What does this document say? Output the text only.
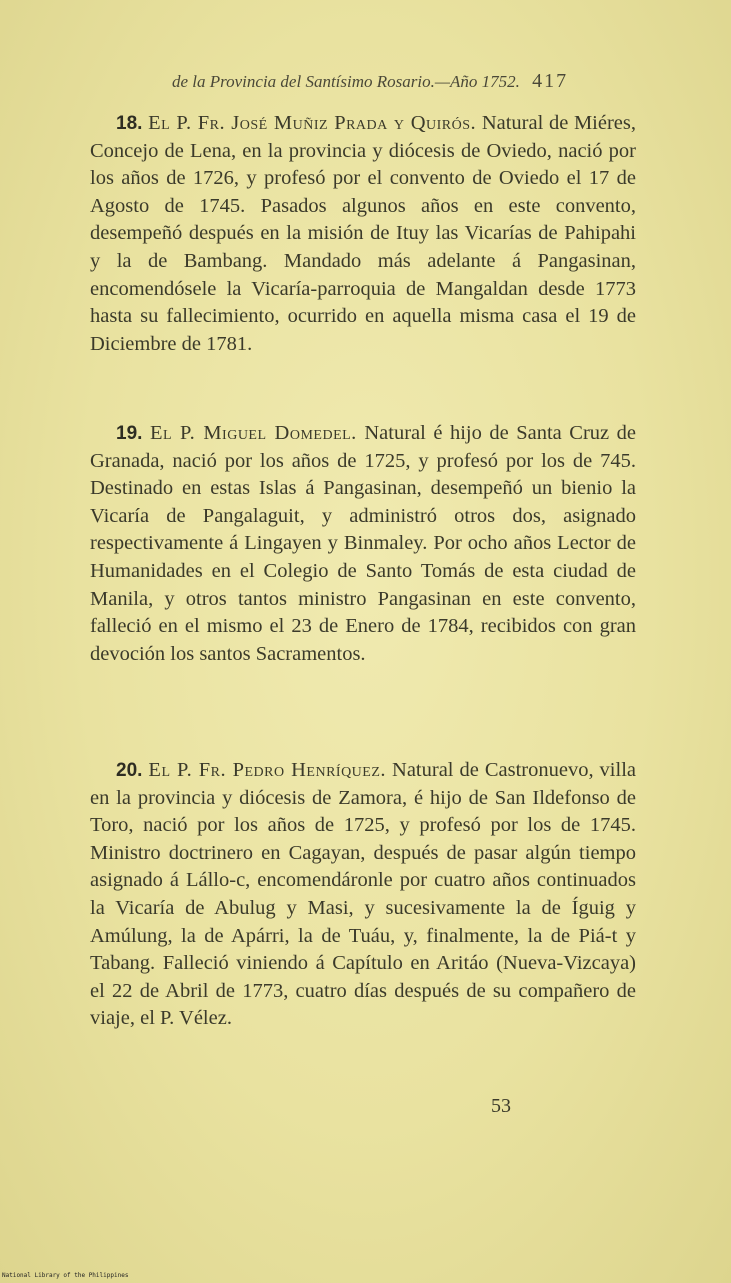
de la Provincia del Santísimo Rosario.—Año 1752. 417

18. El P. Fr. José Muñiz Prada y Quirós. Natural de Miéres, Concejo de Lena, en la provincia y diócesis de Oviedo, nació por los años de 1726, y profesó por el convento de Oviedo el 17 de Agosto de 1745. Pasados algunos años en este convento, desempeñó después en la misión de Ituy las Vicarías de Pahipahi y la de Bambang. Mandado más adelante á Pangasinan, encomendósele la Vicaría-parroquia de Mangaldan desde 1773 hasta su fallecimiento, ocurrido en aquella misma casa el 19 de Diciembre de 1781.

19. El P. Miguel Domedel. Natural é hijo de Santa Cruz de Granada, nació por los años de 1725, y profesó por los de 745. Destinado en estas Islas á Pangasinan, desempeñó un bienio la Vicaría de Pangalaguit, y administró otros dos, asignado respectivamente á Lingayen y Binmaley. Por ocho años Lector de Humanidades en el Colegio de Santo Tomás de esta ciudad de Manila, y otros tantos ministro Pangasinan en este convento, falleció en el mismo el 23 de Enero de 1784, recibidos con gran devoción los santos Sacramentos.

20. El P. Fr. Pedro Henríquez. Natural de Castronuevo, villa en la provincia y diócesis de Zamora, é hijo de San Ildefonso de Toro, nació por los años de 1725, y profesó por los de 1745. Ministro doctrinero en Cagayan, después de pasar algún tiempo asignado á Lállo-c, encomendáronle por cuatro años continuados la Vicaría de Abulug y Masi, y sucesivamente la de Íguig y Amúlung, la de Apárri, la de Tuáu, y, finalmente, la de Piá-t y Tabang. Falleció viniendo á Capítulo en Aritáo (Nueva-Vizcaya) el 22 de Abril de 1773, cuatro días después de su compañero de viaje, el P. Vélez.

53
National Library of the Philippines
